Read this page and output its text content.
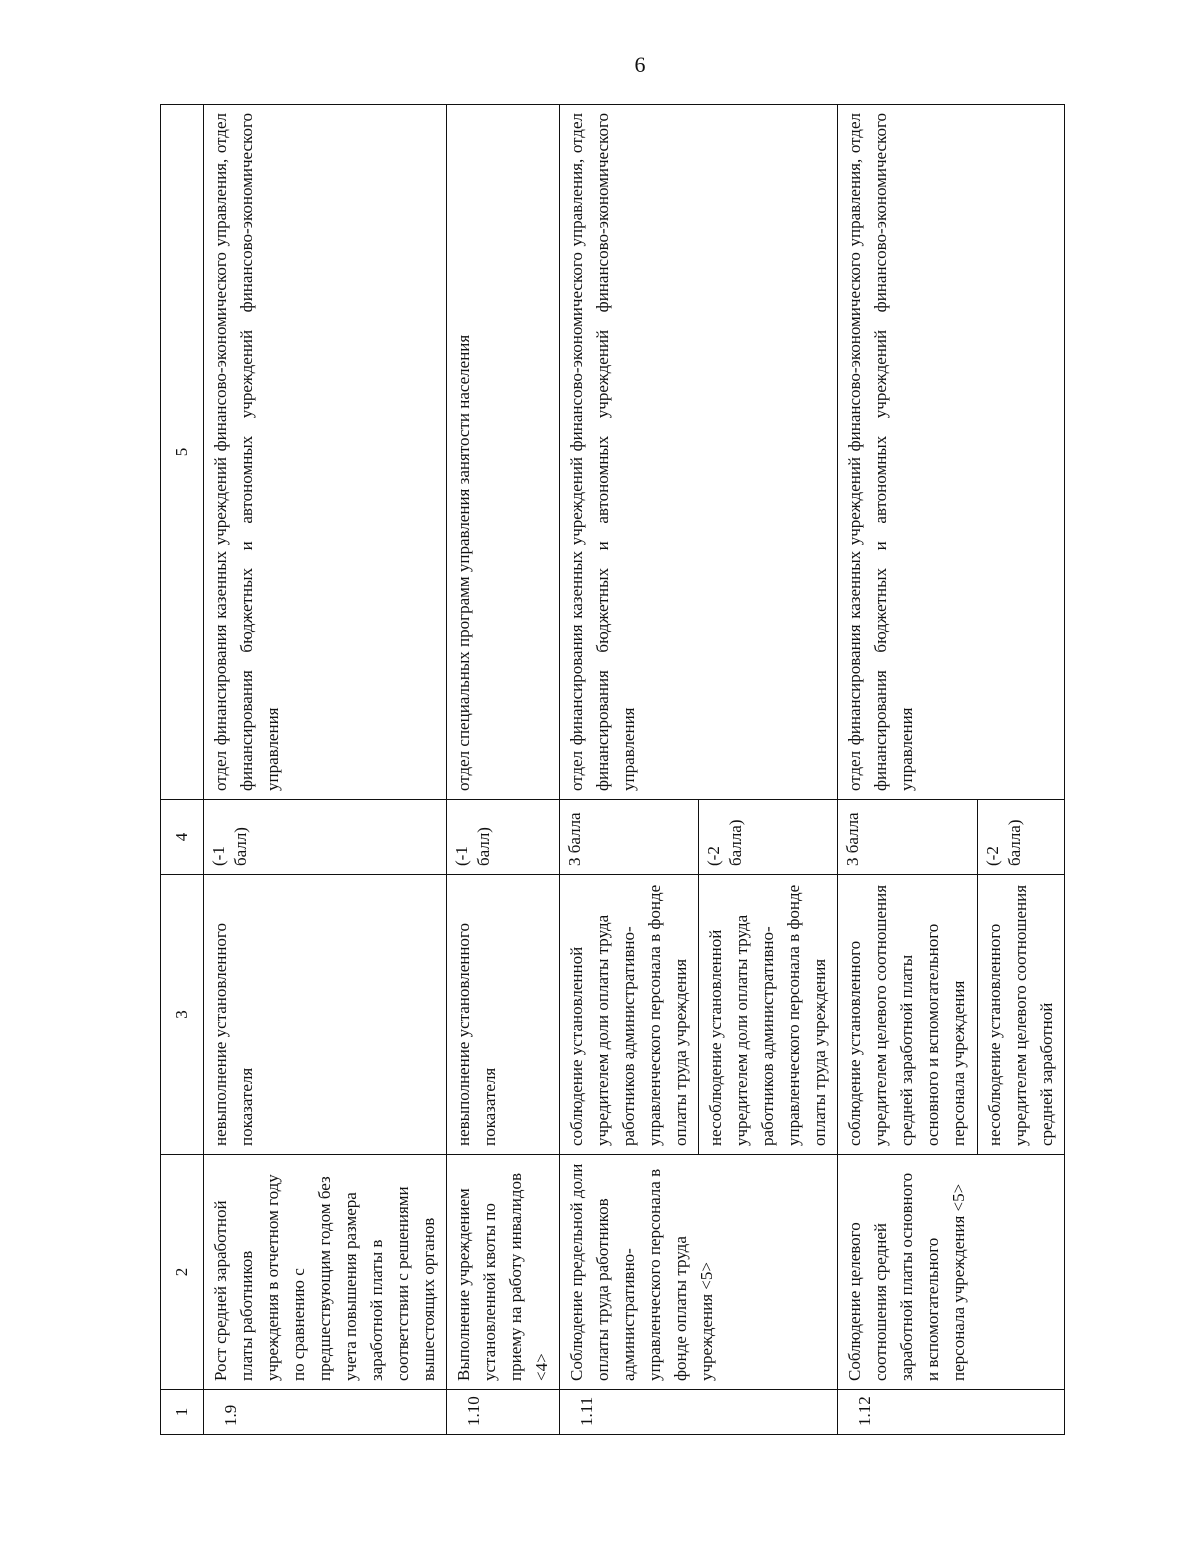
6
1	2	3	4	5
1.9	Рост средней заработной платы работников учреждения в отчетном году по сравнению с предшествующим годом без учета повышения размера заработной платы в соответствии с решениями вышестоящих органов	невыполнение установленного показателя	(-1 балл)	отдел финансирования казенных учреждений финансово-экономического управления, отдел финансирования бюджетных и автономных учреждений финансово-экономического управления
1.10	Выполнение учреждением установленной квоты по приему на работу инвалидов <4>	невыполнение установленного показателя	(-1 балл)	отдел специальных программ управления занятости населения
1.11	Соблюдение предельной доли оплаты труда работников административно-управленческого персонала в фонде оплаты труда учреждения <5>	соблюдение установленной учредителем доли оплаты труда работников административно-управленческого персонала в фонде оплаты труда учреждения	3 балла	отдел финансирования казенных учреждений финансово-экономического управления, отдел финансирования бюджетных и автономных учреждений финансово-экономического управления
		несоблюдение установленной учредителем доли оплаты труда работников административно-управленческого персонала в фонде оплаты труда учреждения	(-2 балла)	
1.12	Соблюдение целевого соотношения средней заработной платы основного и вспомогательного персонала учреждения <5>	соблюдение установленного учредителем целевого соотношения средней заработной платы основного и вспомогательного персонала учреждения	3 балла	отдел финансирования казенных учреждений финансово-экономического управления, отдел финансирования бюджетных и автономных учреждений финансово-экономического управления
		несоблюдение установленного учредителем целевого соотношения средней заработной	(-2 балла)	
